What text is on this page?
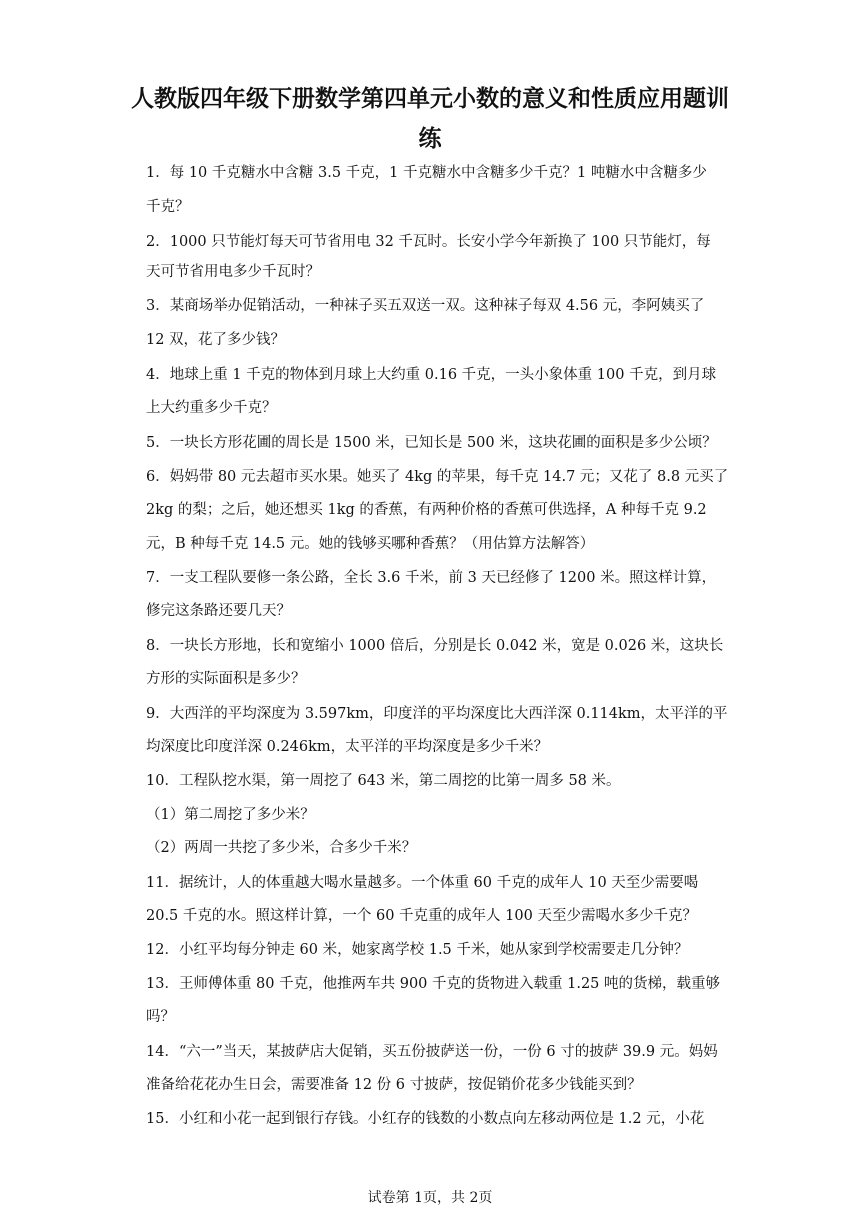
人教版四年级下册数学第四单元小数的意义和性质应用题训
练
1．每 10 千克糖水中含糖 3.5 千克，1 千克糖水中含糖多少千克？1 吨糖水中含糖多少
千克？
2．1000 只节能灯每天可节省用电 32 千瓦时。长安小学今年新换了 100 只节能灯，每
天可节省用电多少千瓦时？
3．某商场举办促销活动，一种袜子买五双送一双。这种袜子每双 4.56 元，李阿姨买了
12 双，花了多少钱？
4．地球上重 1 千克的物体到月球上大约重 0.16 千克，一头小象体重 100 千克，到月球
上大约重多少千克？
5．一块长方形花圃的周长是 1500 米，已知长是 500 米，这块花圃的面积是多少公顷？
6．妈妈带 80 元去超市买水果。她买了 4kg 的苹果，每千克 14.7 元；又花了 8.8 元买了
2kg 的梨；之后，她还想买 1kg 的香蕉，有两种价格的香蕉可供选择，A 种每千克 9.2
元，B 种每千克 14.5 元。她的钱够买哪种香蕉？（用估算方法解答）
7．一支工程队要修一条公路，全长 3.6 千米，前 3 天已经修了 1200 米。照这样计算，
修完这条路还要几天？
8．一块长方形地，长和宽缩小 1000 倍后，分别是长 0.042 米，宽是 0.026 米，这块长
方形的实际面积是多少？
9．大西洋的平均深度为 3.597km，印度洋的平均深度比大西洋深 0.114km，太平洋的平
均深度比印度洋深 0.246km，太平洋的平均深度是多少千米？
10．工程队挖水渠，第一周挖了 643 米，第二周挖的比第一周多 58 米。
（1）第二周挖了多少米？
（2）两周一共挖了多少米，合多少千米？
11．据统计，人的体重越大喝水量越多。一个体重 60 千克的成年人 10 天至少需要喝
20.5 千克的水。照这样计算，一个 60 千克重的成年人 100 天至少需喝水多少千克？
12．小红平均每分钟走 60 米，她家离学校 1.5 千米，她从家到学校需要走几分钟？
13．王师傅体重 80 千克，他推两车共 900 千克的货物进入载重 1.25 吨的货梯，载重够
吗？
14．“六一”当天，某披萨店大促销，买五份披萨送一份，一份 6 寸的披萨 39.9 元。妈妈
准备给花花办生日会，需要准备 12 份 6 寸披萨，按促销价花多少钱能买到？
15．小红和小花一起到银行存钱。小红存的钱数的小数点向左移动两位是 1.2 元，小花
试卷第 1页，共 2页
